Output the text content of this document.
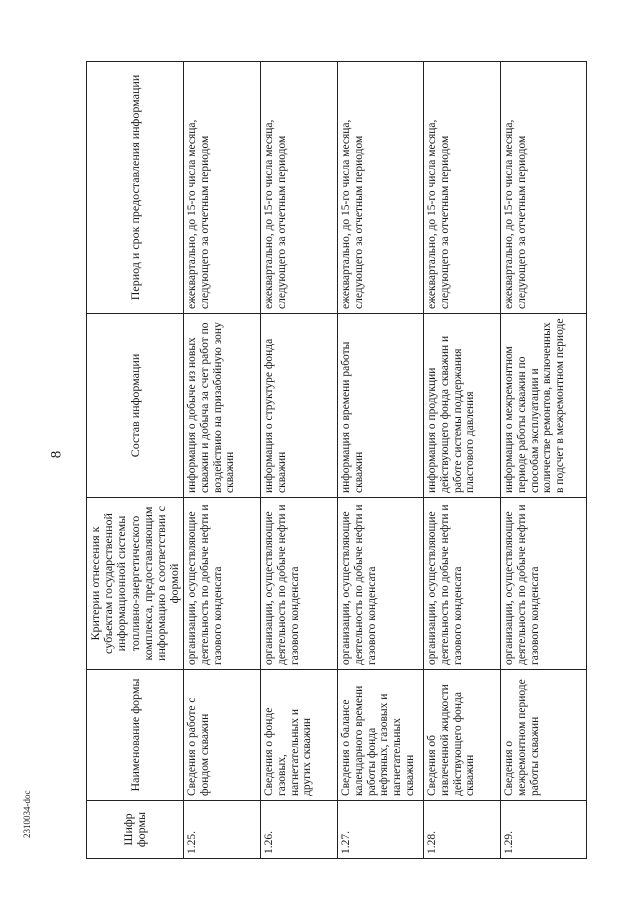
8
2310034-doc	Шифр формы	Наименование формы	Критерии отнесения к субъектам государственной информационной системы топливно-энергетического комплекса, предоставляющим информацию в соответствии с формой	Состав информации	Период и срок предоставления информации
1.25.	Сведения о работе с фондом скважин	организации, осуществляющие деятельность по добыче нефти и газового конденсата	информация о добыче из новых скважин и добыча за счет работ по воздействию на призабойную зону скважин	ежеквартально, до 15-го числа месяца, следующего за отчетным периодом
1.26.	Сведения о фонде газовых, нагнетательных и других скважин	организации, осуществляющие деятельность по добыче нефти и газового конденсата	информация о структуре фонда скважин	ежеквартально, до 15-го числа месяца, следующего за отчетным периодом
1.27.	Сведения о балансе календарного времени работы фонда нефтяных, газовых и нагнетательных скважин	организации, осуществляющие деятельность по добыче нефти и газового конденсата	информация о времени работы скважин	ежеквартально, до 15-го числа месяца, следующего за отчетным периодом
1.28.	Сведения об извлеченной жидкости действующего фонда скважин	организации, осуществляющие деятельность по добыче нефти и газового конденсата	информация о продукции действующего фонда скважин и работе системы поддержания пластового давления	ежеквартально, до 15-го числа месяца, следующего за отчетным периодом
1.29.	Сведения о межремонтном периоде работы скважин	организации, осуществляющие деятельность по добыче нефти и газового конденсата	информация о межремонтном периоде работы скважин по способам эксплуатации и количестве ремонтов, включенных в подсчет в межремонтном периоде	ежеквартально, до 15-го числа месяца, следующего за отчетным периодом
